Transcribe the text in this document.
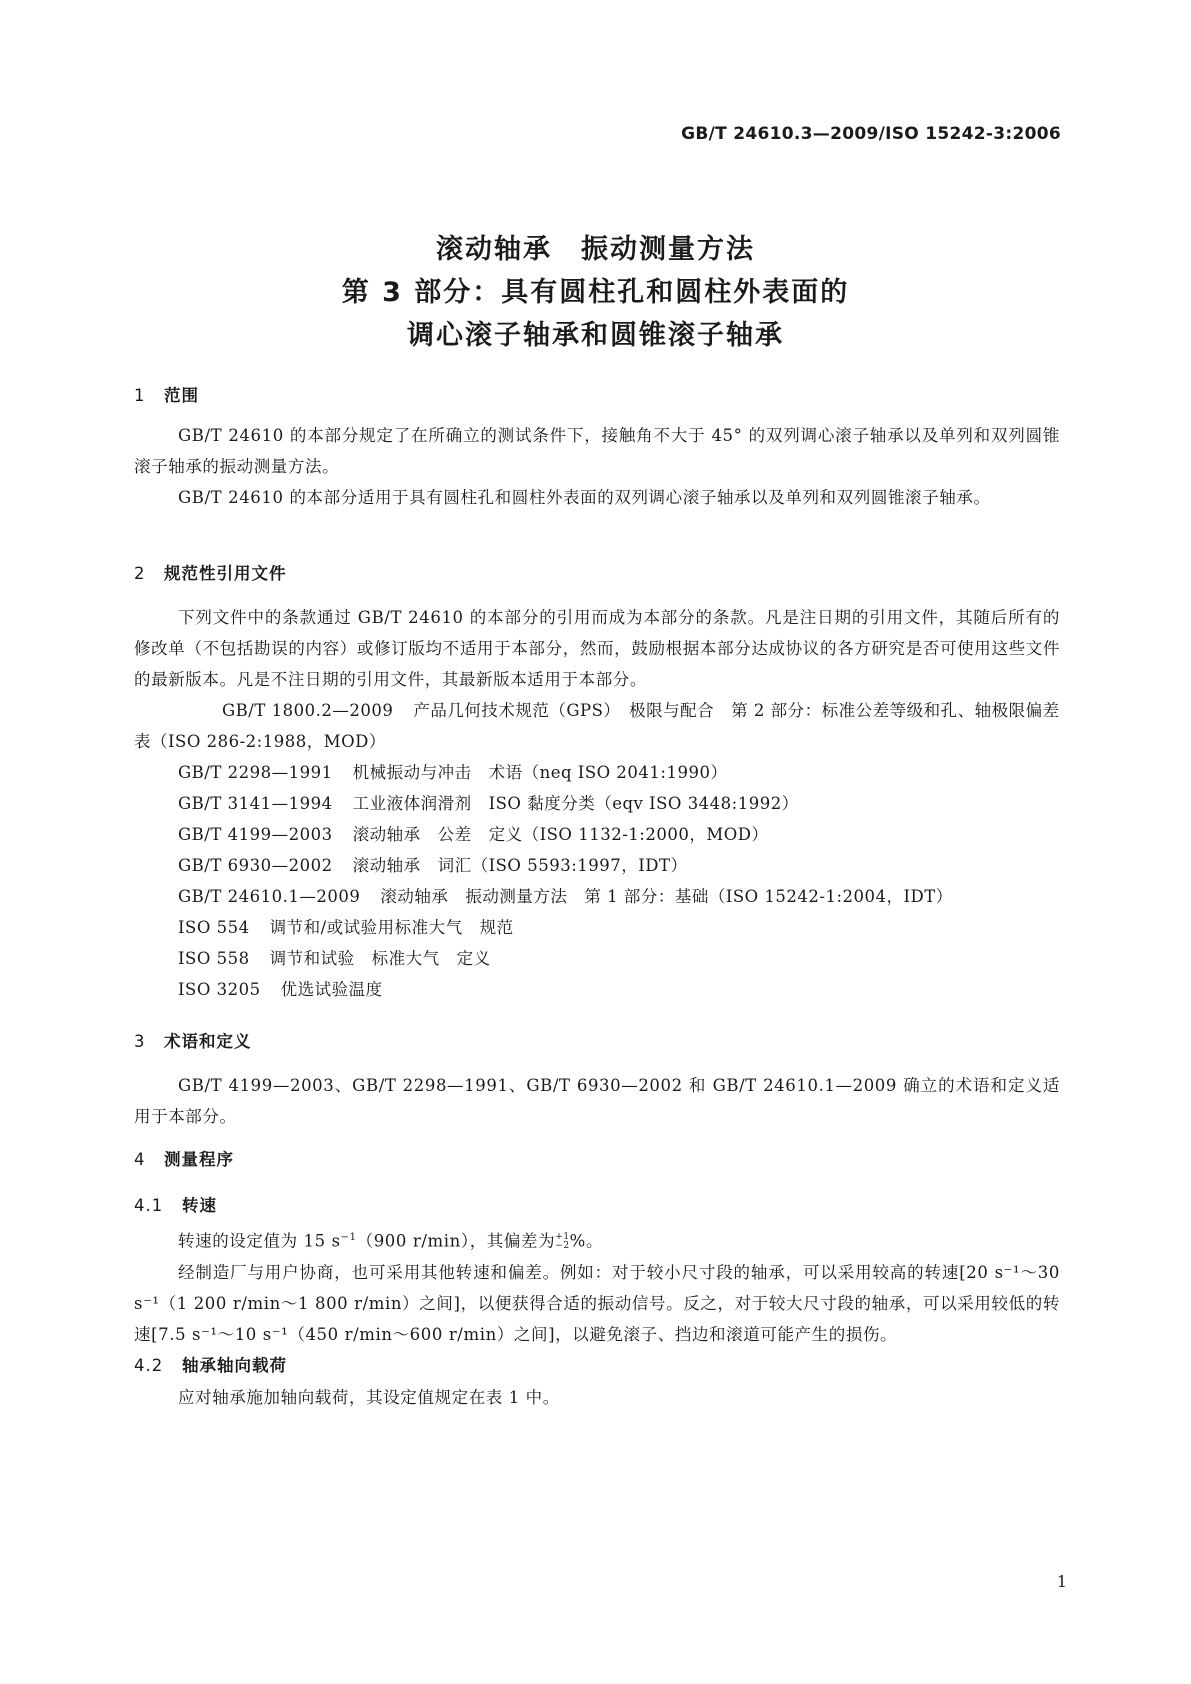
GB/T 24610.3—2009/ISO 15242-3:2006
滚动轴承　振动测量方法
第 3 部分：具有圆柱孔和圆柱外表面的
调心滚子轴承和圆锥滚子轴承
1 范围

GB/T 24610 的本部分规定了在所确立的测试条件下，接触角不大于 45° 的双列调心滚子轴承以及单列和双列圆锥滚子轴承的振动测量方法。

GB/T 24610 的本部分适用于具有圆柱孔和圆柱外表面的双列调心滚子轴承以及单列和双列圆锥滚子轴承。

2 规范性引用文件

下列文件中的条款通过 GB/T 24610 的本部分的引用而成为本部分的条款。凡是注日期的引用文件，其随后所有的修改单（不包括勘误的内容）或修订版均不适用于本部分，然而，鼓励根据本部分达成协议的各方研究是否可使用这些文件的最新版本。凡是不注日期的引用文件，其最新版本适用于本部分。

GB/T 1800.2—2009 产品几何技术规范（GPS）　极限与配合　第 2 部分：标准公差等级和孔、轴极限偏差表（ISO 286-2:1988，MOD）
GB/T 2298—1991 机械振动与冲击　术语（neq ISO 2041:1990）
GB/T 3141—1994 工业液体润滑剂　ISO 黏度分类（eqv ISO 3448:1992）
GB/T 4199—2003 滚动轴承　公差　定义（ISO 1132-1:2000，MOD）
GB/T 6930—2002 滚动轴承　词汇（ISO 5593:1997，IDT）
GB/T 24610.1—2009 滚动轴承　振动测量方法　第 1 部分：基础（ISO 15242-1:2004，IDT）
ISO 554 调节和/或试验用标准大气　规范
ISO 558 调节和试验　标准大气　定义
ISO 3205 优选试验温度
3 术语和定义

GB/T 4199—2003、GB/T 2298—1991、GB/T 6930—2002 和 GB/T 24610.1—2009 确立的术语和定义适用于本部分。

4 测量程序
4.1 转速

转速的设定值为 15 $s^{-1}(900$ r/min），其偏差为 +1
−2 %。

经制造厂与用户协商，也可采用其他转速和偏差。例如：对于较小尺寸段的轴承，可以采用较高的转速[20 s⁻¹～30 s⁻¹（1 200 r/min～1 800 r/min）之间]，以便获得合适的振动信号。反之，对于较大尺寸段的轴承，可以采用较低的转速[7.5 s⁻¹～10 s⁻¹（450 r/min～600 r/min）之间]，以避免滚子、挡边和滚道可能产生的损伤。

4.2 轴承轴向载荷

应对轴承施加轴向载荷，其设定值规定在表 1 中。

1
